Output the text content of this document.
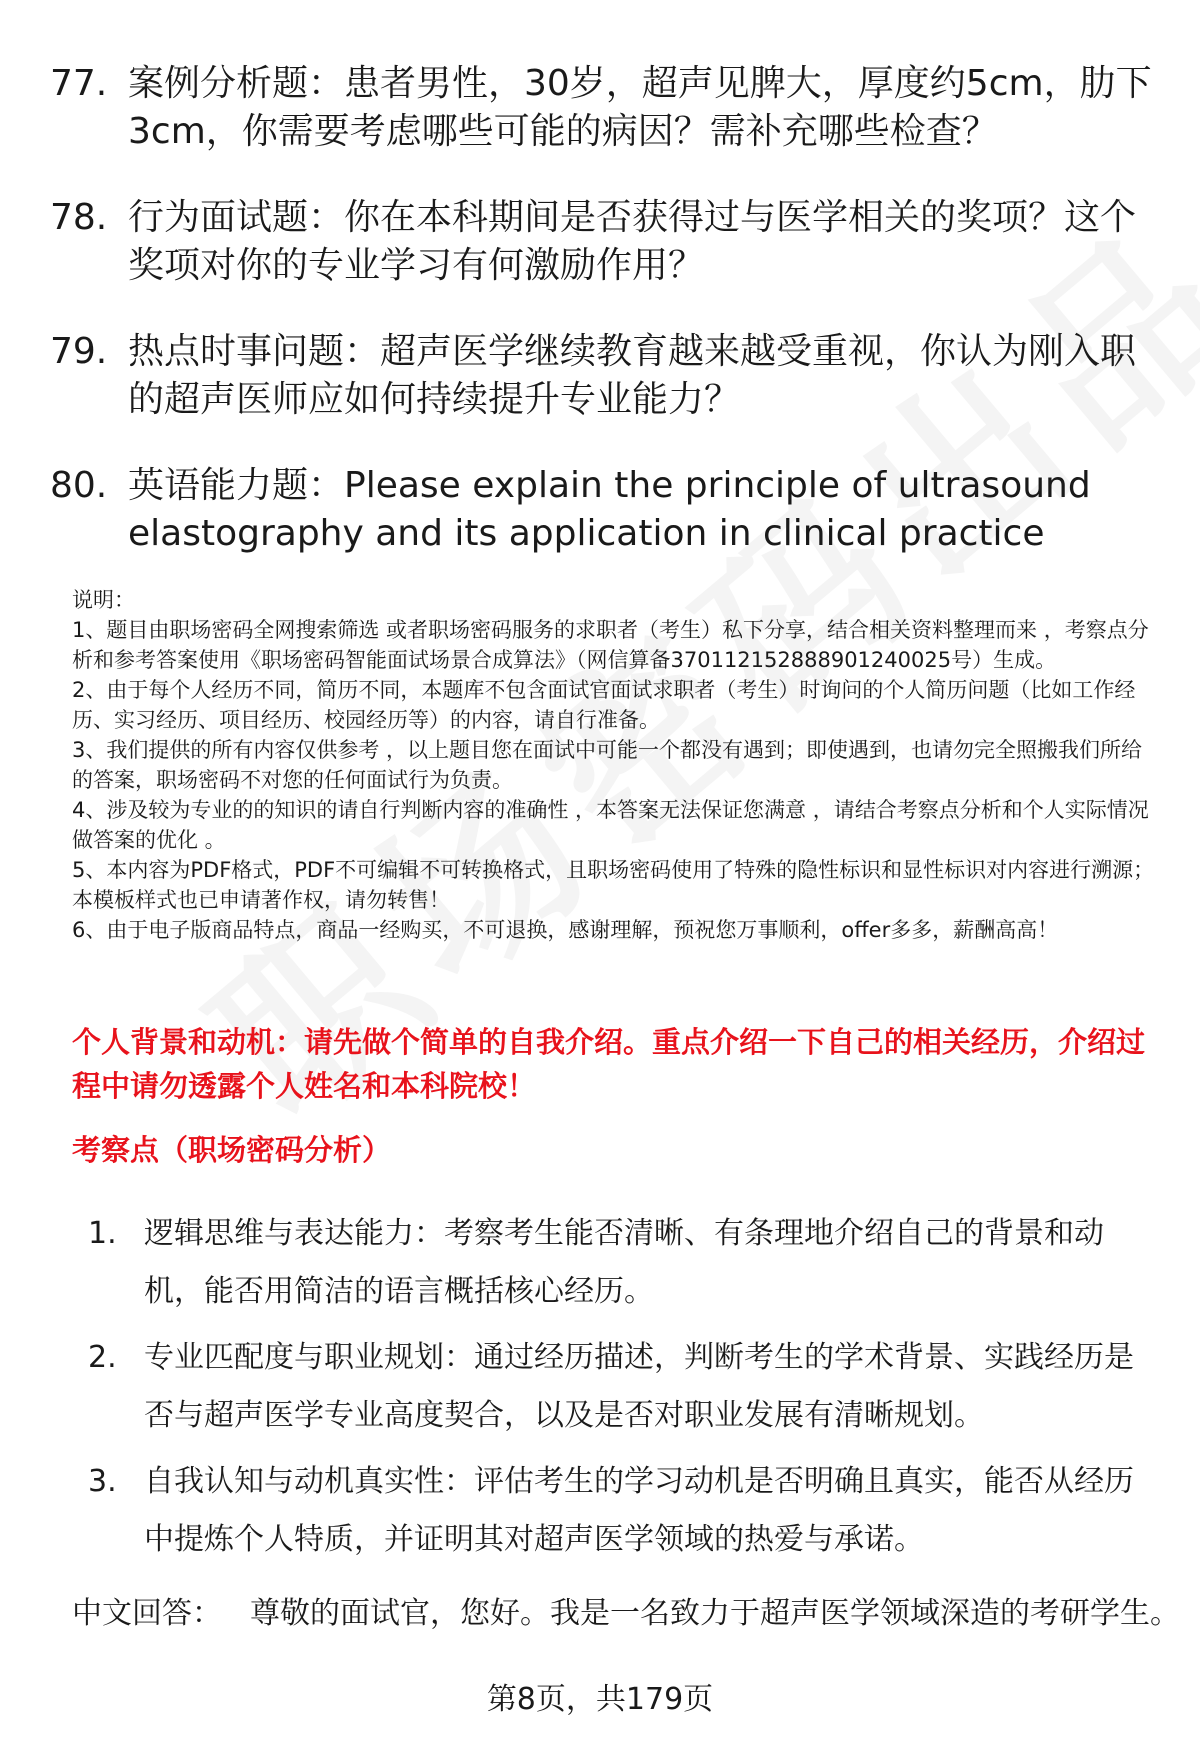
77. 案例分析题：患者男性，30岁，超声见脾大，厚度约5cm，肋下3cm，你需要考虑哪些可能的病因？需补充哪些检查？
78. 行为面试题：你在本科期间是否获得过与医学相关的奖项？这个奖项对你的专业学习有何激励作用？
79. 热点时事问题：超声医学继续教育越来越受重视，你认为刚入职的超声医师应如何持续提升专业能力？
80. 英语能力题：Please explain the principle of ultrasound elastography and its application in clinical practice

说明：

1、题目由职场密码全网搜索筛选 或者职场密码服务的求职者（考生）私下分享，结合相关资料整理而来 ，考察点分析和参考答案使用《职场密码智能面试场景合成算法》（网信算备370112152888901240025号）生成。

2、由于每个人经历不同，简历不同，本题库不包含面试官面试求职者（考生）时询问的个人简历问题（比如工作经历、实习经历、项目经历、校园经历等）的内容，请自行准备。

3、我们提供的所有内容仅供参考 ，以上题目您在面试中可能一个都没有遇到；即使遇到，也请勿完全照搬我们所给的答案，职场密码不对您的任何面试行为负责。

4、涉及较为专业的的知识的请自行判断内容的准确性 ，本答案无法保证您满意 ，请结合考察点分析和个人实际情况做答案的优化 。

5、本内容为PDF格式，PDF不可编辑不可转换格式，且职场密码使用了特殊的隐性标识和显性标识对内容进行溯源；本模板样式也已申请著作权，请勿转售！

6、由于电子版商品特点，商品一经购买，不可退换，感谢理解，预祝您万事顺利，offer多多，薪酬高高！

个人背景和动机：请先做个简单的自我介绍。重点介绍一下自己的相关经历，介绍过程中请勿透露个人姓名和本科院校！
考察点（职场密码分析）
1. 逻辑思维与表达能力：考察考生能否清晰、有条理地介绍自己的背景和动机，能否用简洁的语言概括核心经历。
2. 专业匹配度与职业规划：通过经历描述，判断考生的学术背景、实践经历是否与超声医学专业高度契合，以及是否对职业发展有清晰规划。
3. 自我认知与动机真实性：评估考生的学习动机是否明确且真实，能否从经历中提炼个人特质，并证明其对超声医学领域的热爱与承诺。
中文回答： 尊敬的面试官，您好。我是一名致力于超声医学领域深造的考研学生。
第8页，共179页
